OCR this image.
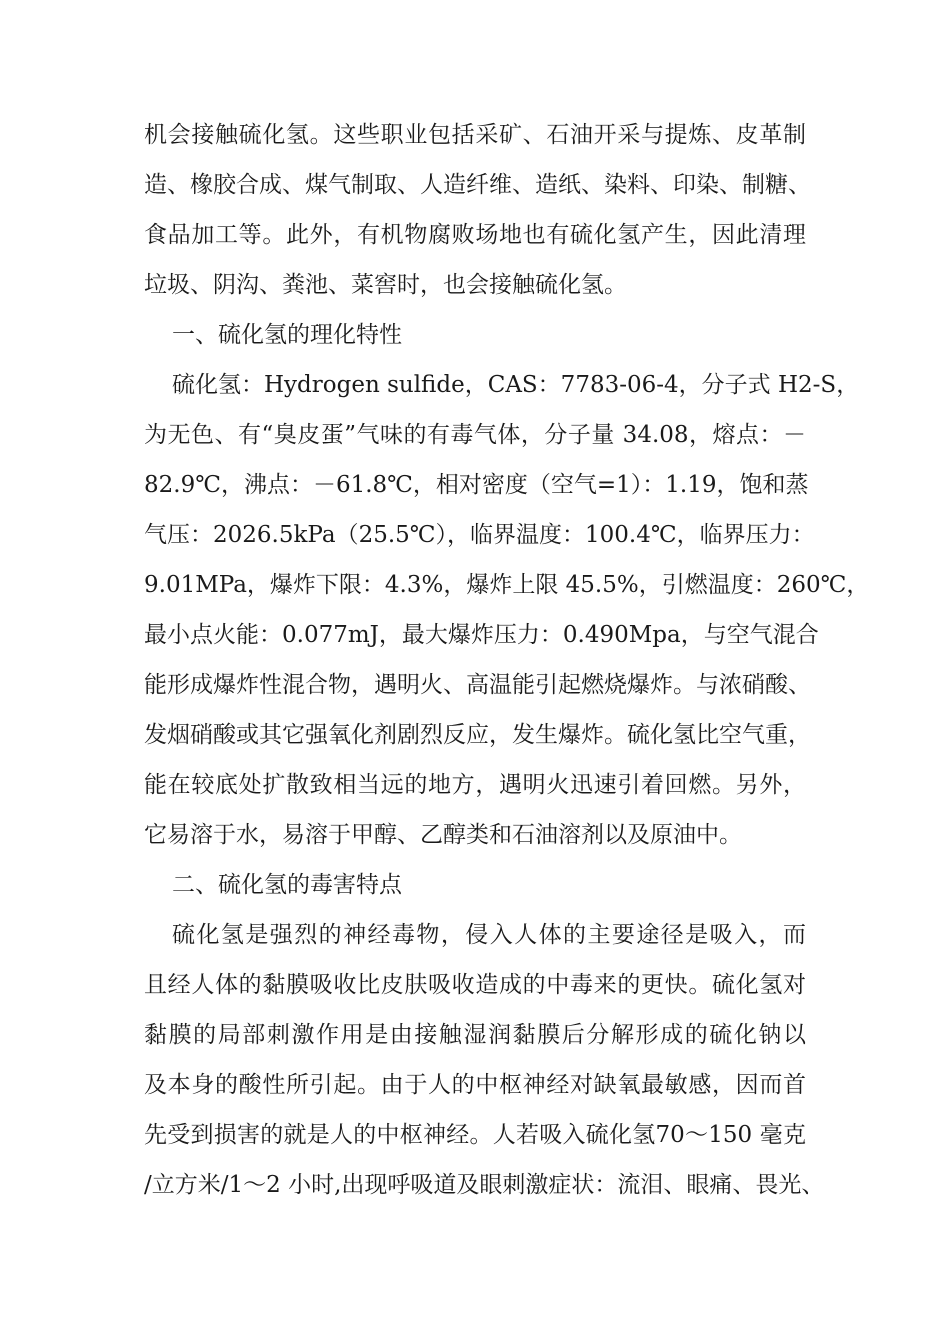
机会接触硫化氢。这些职业包括采矿、石油开采与提炼、皮革制
造、橡胶合成、煤气制取、人造纤维、造纸、染料、印染、制糖、
食品加工等。此外，有机物腐败场地也有硫化氢产生，因此清理
垃圾、阴沟、粪池、菜窖时，也会接触硫化氢。
一、硫化氢的理化特性
硫化氢：Hydrogen sulfide，CAS：7783-06-4，分子式 H2-S，
为无色、有“臭皮蛋”气味的有毒气体，分子量 34.08，熔点：－
82.9℃，沸点：－61.8℃，相对密度（空气=1）：1.19，饱和蒸
气压：2026.5kPa（25.5℃），临界温度：100.4℃，临界压力：
9.01MPa，爆炸下限：4.3%，爆炸上限 45.5%，引燃温度：260℃，
最小点火能：0.077mJ，最大爆炸压力：0.490Mpa，与空气混合
能形成爆炸性混合物，遇明火、高温能引起燃烧爆炸。与浓硝酸、
发烟硝酸或其它强氧化剂剧烈反应，发生爆炸。硫化氢比空气重，
能在较底处扩散致相当远的地方，遇明火迅速引着回燃。另外，
它易溶于水，易溶于甲醇、乙醇类和石油溶剂以及原油中。
二、硫化氢的毒害特点
硫化氢是强烈的神经毒物，侵入人体的主要途径是吸入，而
且经人体的黏膜吸收比皮肤吸收造成的中毒来的更快。硫化氢对
黏膜的局部刺激作用是由接触湿润黏膜后分解形成的硫化钠以
及本身的酸性所引起。由于人的中枢神经对缺氧最敏感，因而首
先受到损害的就是人的中枢神经。人若吸入硫化氢70～150 毫克
/立方米/1～2 小时,出现呼吸道及眼刺激症状：流泪、眼痛、畏光、
